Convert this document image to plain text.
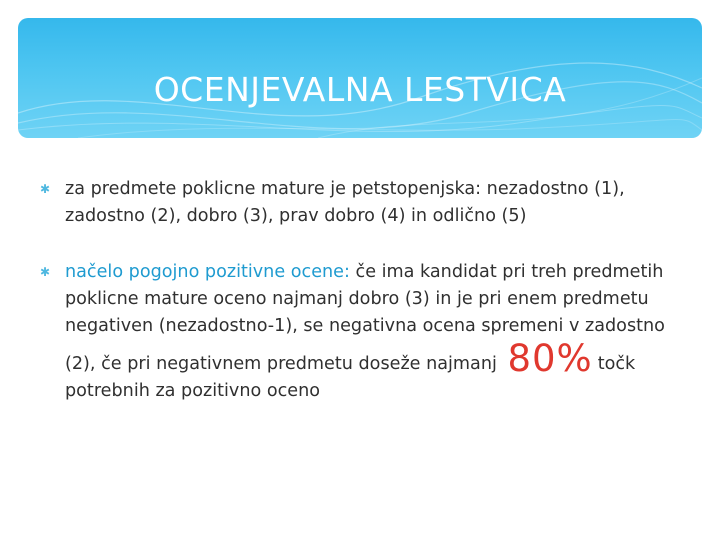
OCENJEVALNA LESTVICA
✱ za predmete poklicne mature je petstopenjska: nezadostno (1), zadostno (2), dobro (3), prav dobro (4) in odlično (5)
✱ načelo pogojno pozitivne ocene: če ima kandidat pri treh predmetih poklicne mature oceno najmanj dobro (3) in je pri enem predmetu negativen (nezadostno-1), se negativna ocena spremeni v zadostno (2), če pri negativnem predmetu doseže najmanj 80% točk potrebnih za pozitivno oceno
